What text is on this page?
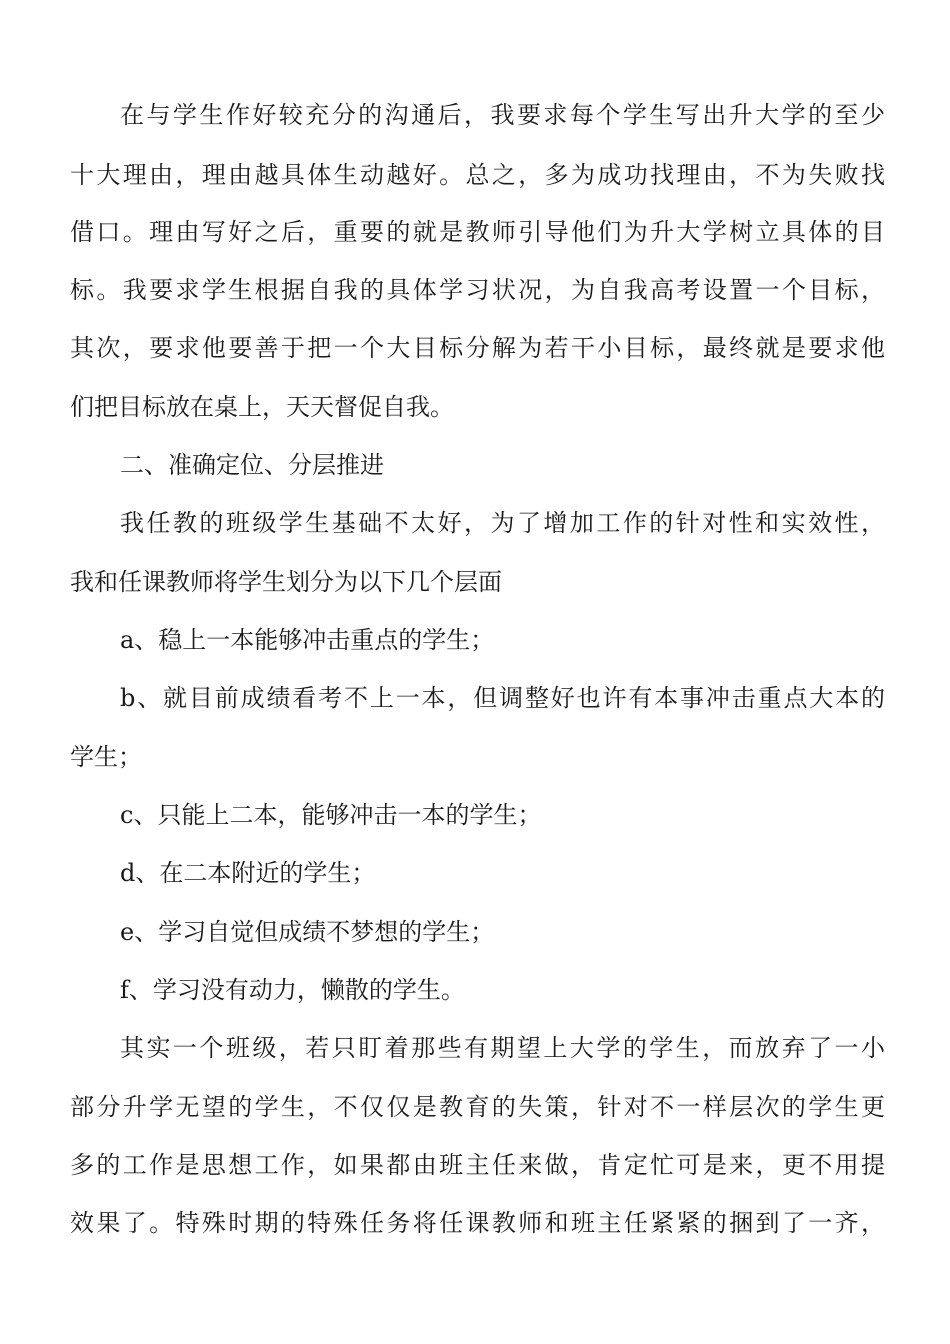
在与学生作好较充分的沟通后，我要求每个学生写出升大学的至少
十大理由，理由越具体生动越好。总之，多为成功找理由，不为失败找
借口。理由写好之后，重要的就是教师引导他们为升大学树立具体的目
标。我要求学生根据自我的具体学习状况，为自我高考设置一个目标，
其次，要求他要善于把一个大目标分解为若干小目标，最终就是要求他
们把目标放在桌上，天天督促自我。
二、准确定位、分层推进
我任教的班级学生基础不太好，为了增加工作的针对性和实效性，
我和任课教师将学生划分为以下几个层面
a、稳上一本能够冲击重点的学生；
b、就目前成绩看考不上一本，但调整好也许有本事冲击重点大本的
学生；
c、只能上二本，能够冲击一本的学生；
d、在二本附近的学生；
e、学习自觉但成绩不梦想的学生；
f、学习没有动力，懒散的学生。
其实一个班级，若只盯着那些有期望上大学的学生，而放弃了一小
部分升学无望的学生，不仅仅是教育的失策，针对不一样层次的学生更
多的工作是思想工作，如果都由班主任来做，肯定忙可是来，更不用提
效果了。特殊时期的特殊任务将任课教师和班主任紧紧的捆到了一齐，
